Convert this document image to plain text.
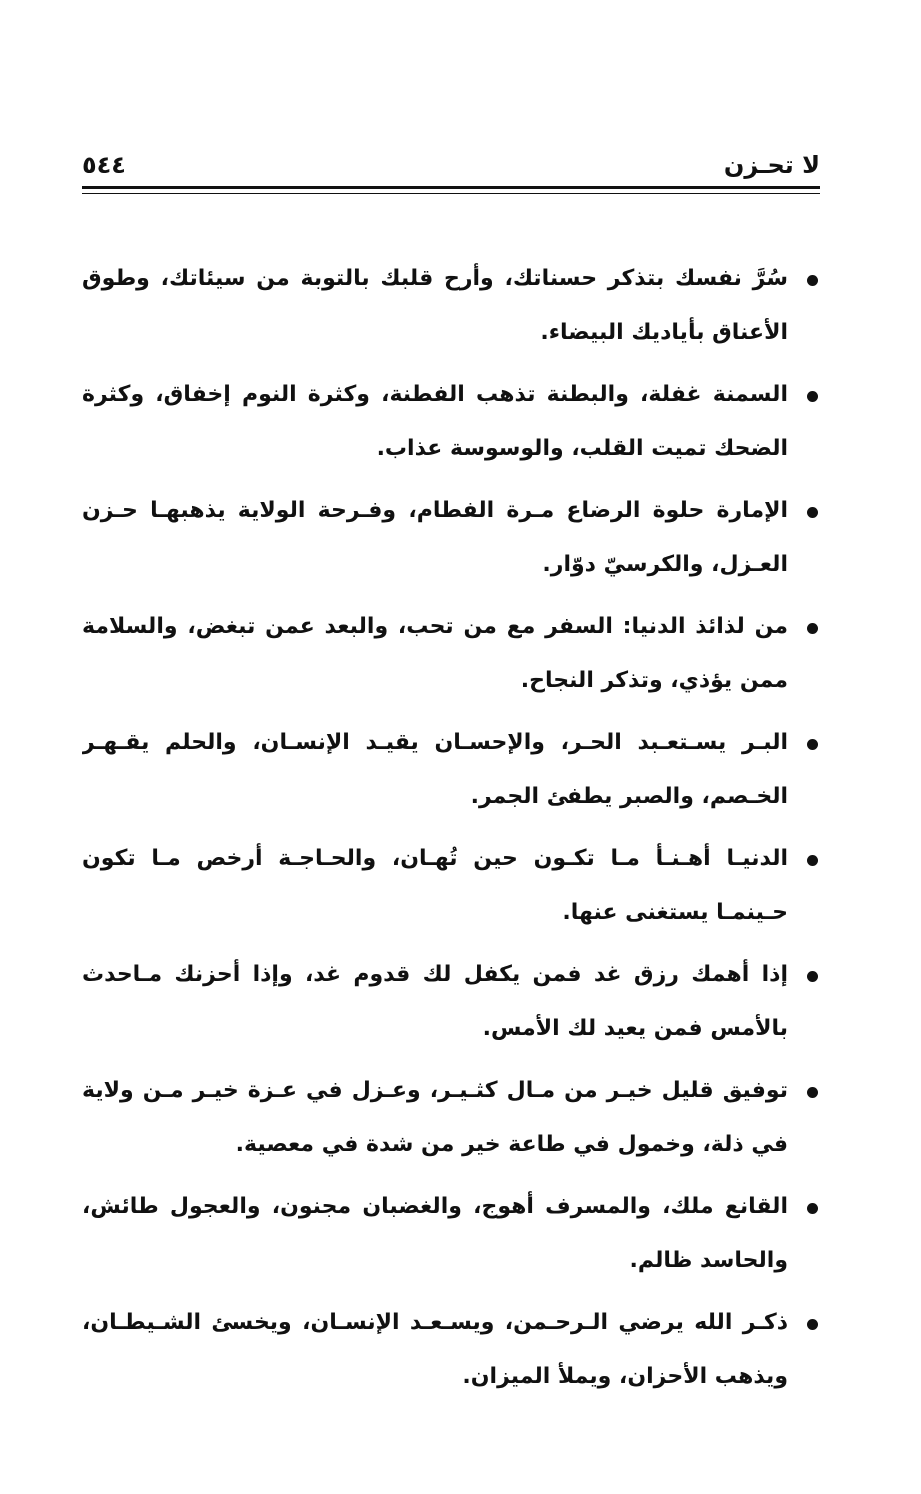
لا تحـزن
٥٤٤
سُرَّ نفسك بتذكر حسناتك، وأرح قلبك بالتوبة من سيئاتك، وطوق الأعناق بأياديك البيضاء.
السمنة غفلة، والبطنة تذهب الفطنة، وكثرة النوم إخفاق، وكثرة الضحك تميت القلب، والوسوسة عذاب.
الإمارة حلوة الرضاع مـرة الفطام، وفـرحة الولاية يذهبهـا حـزن العـزل، والكرسيّ دوّار.
من لذائذ الدنيا: السفر مع من تحب، والبعد عمن تبغض، والسلامة ممن يؤذي، وتذكر النجاح.
البـر يسـتعـبد الحـر، والإحسـان يقيـد الإنسـان، والحلم يقـهـر الخـصم، والصبر يطفئ الجمر.
الدنيـا أهـنـأ مـا تكـون حين تُهـان، والحـاجـة أرخص مـا تكون حـينمـا يستغنى عنها.
إذا أهمك رزق غد فمن يكفل لك قدوم غد، وإذا أحزنك مـاحدث بالأمس فمن يعيد لك الأمس.
توفيق قليل خيـر من مـال كثـيـر، وعـزل في عـزة خيـر مـن ولاية في ذلة، وخمول في طاعة خير من شدة في معصية.
القانع ملك، والمسرف أهوج، والغضبان مجنون، والعجول طائش، والحاسد ظالم.
ذكـر الله يرضي الـرحـمن، ويسـعـد الإنسـان، ويخسئ الشـيطـان، ويذهب الأحزان، ويملأ الميزان.
